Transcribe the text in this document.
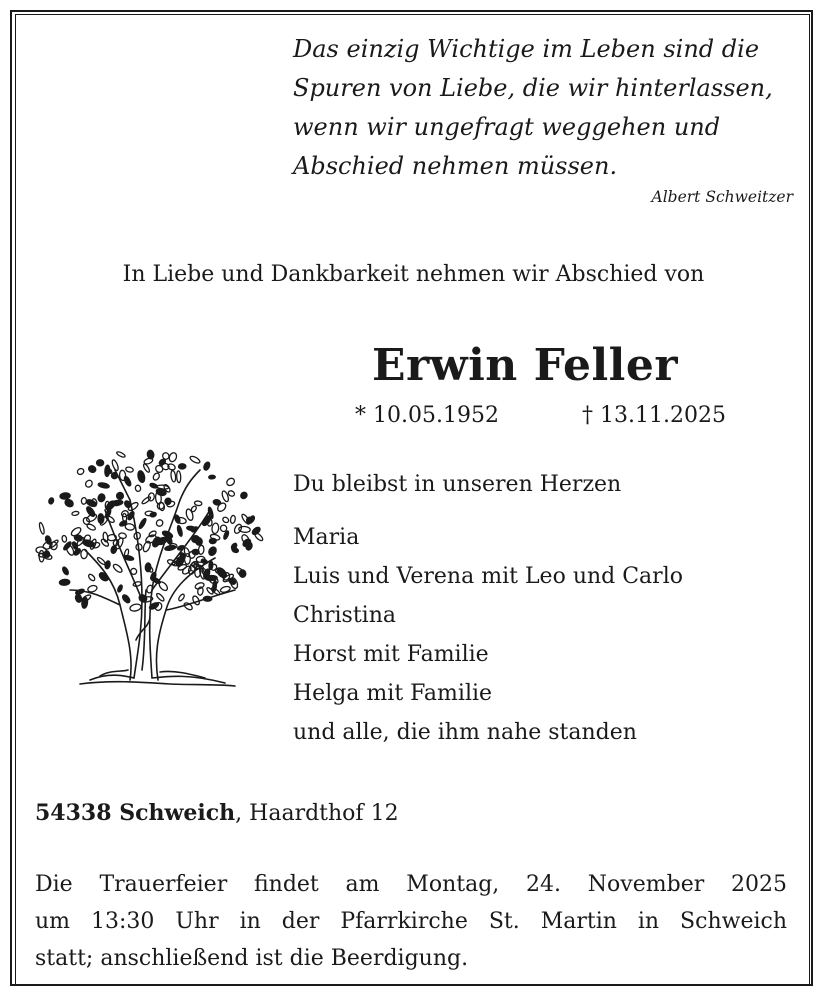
Das einzig Wichtige im Leben sind die
Spuren von Liebe, die wir hinterlassen,
wenn wir ungefragt weggehen und
Abschied nehmen müssen.
Albert Schweitzer
In Liebe und Dankbarkeit nehmen wir Abschied von
Erwin Feller
* 10.05.1952	† 13.11.2025
Du bleibst in unseren Herzen
Maria
Luis und Verena mit Leo und Carlo
Christina
Horst mit Familie
Helga mit Familie
und alle, die ihm nahe standen
54338 Schweich, Haardthof 12
Die Trauerfeier findet am Montag, 24. November 2025
um 13:30 Uhr in der Pfarrkirche St. Martin in Schweich
statt; anschließend ist die Beerdigung.
